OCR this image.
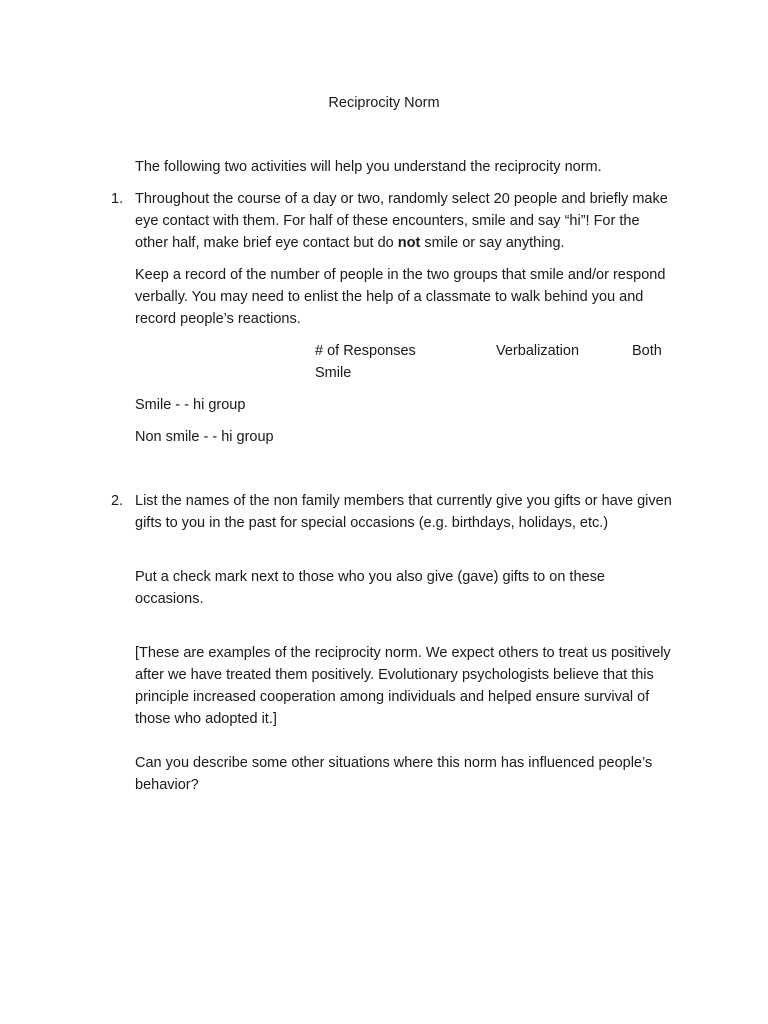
Reciprocity Norm

The following two activities will help you understand the reciprocity norm.

1. Throughout the course of a day or two, randomly select 20 people and briefly make eye contact with them. For half of these encounters, smile and say “hi”! For the other half, make brief eye contact but do not smile or say anything.

Keep a record of the number of people in the two groups that smile and/or respond verbally. You may need to enlist the help of a classmate to walk behind you and record people’s reactions.

# of Responses
Smile
Verbalization	Both

Smile - - hi group

Non smile - - hi group

2. List the names of the non family members that currently give you gifts or have given gifts to you in the past for special occasions (e.g. birthdays, holidays, etc.)

Put a check mark next to those who you also give (gave) gifts to on these occasions.

[These are examples of the reciprocity norm. We expect others to treat us positively after we have treated them positively. Evolutionary psychologists believe that this principle increased cooperation among individuals and helped ensure survival of those who adopted it.]

Can you describe some other situations where this norm has influenced people’s behavior?
